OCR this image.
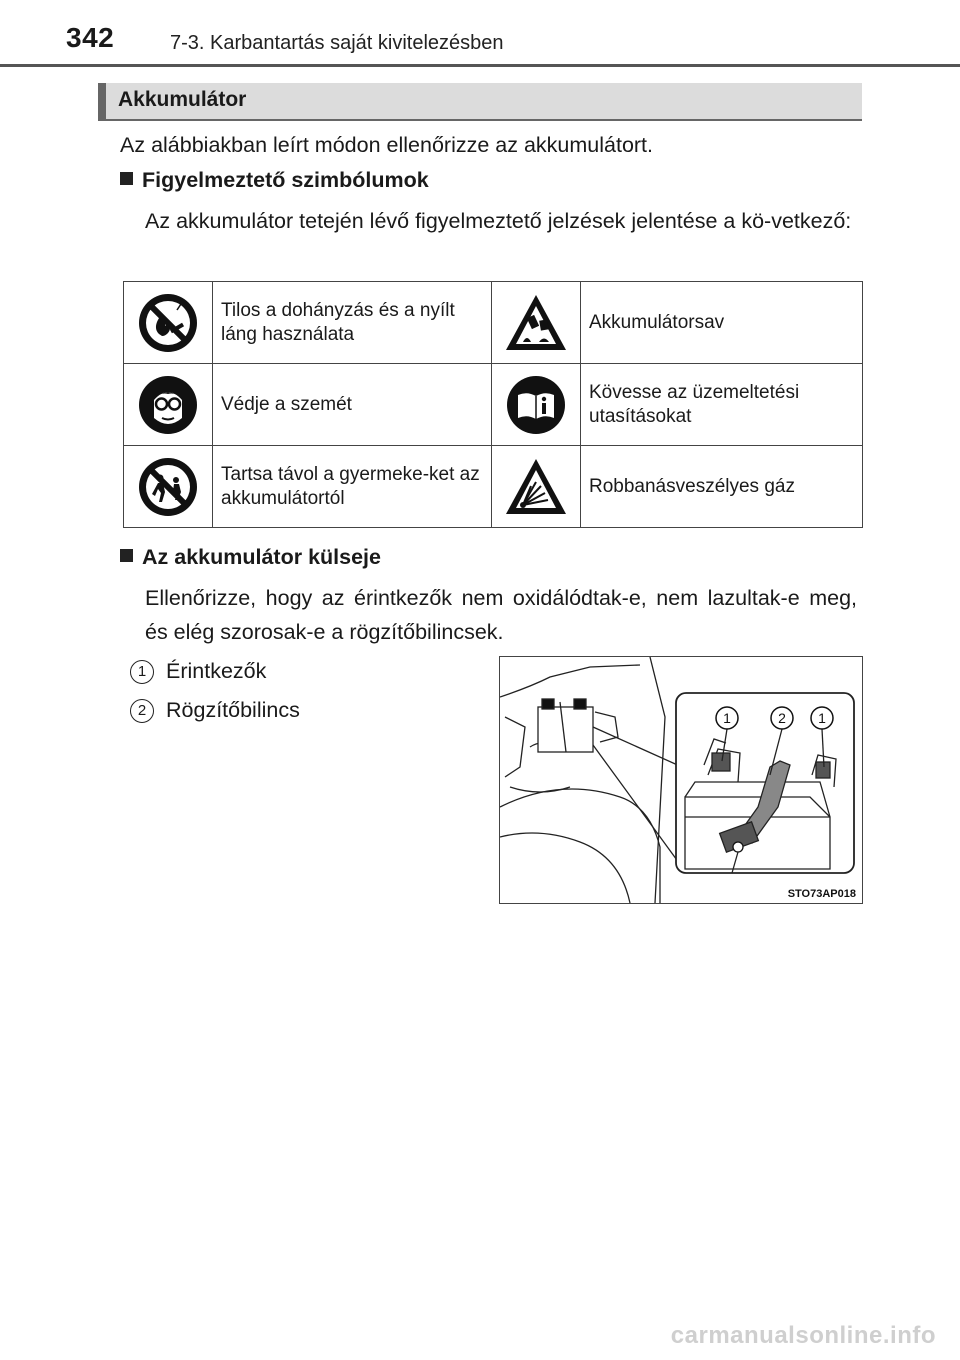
342	7-3. Karbantartás saját kivitelezésben
Akkumulátor
Az alábbiakban leírt módon ellenőrizze az akkumulátort.
Figyelmeztető szimbólumok
Az akkumulátor tetején lévő figyelmeztető jelzések jelentése a kö-vetkező:
	Tilos a dohányzás és a nyílt láng használata		Akkumulátorsav

	Védje a szemét		Kövesse az üzemeltetési utasításokat

	Tartsa távol a gyermeke-ket az akkumulátortól		Robbanásveszélyes gáz
Az akkumulátor külseje
Ellenőrizze, hogy az érintkezők nem oxidálódtak-e, nem lazultak-e meg, és elég szorosak-e a rögzítőbilincsek.
1 Érintkezők
2 Rögzítőbilincs	1	2 1
STO73AP018
carmanualsonline.info
